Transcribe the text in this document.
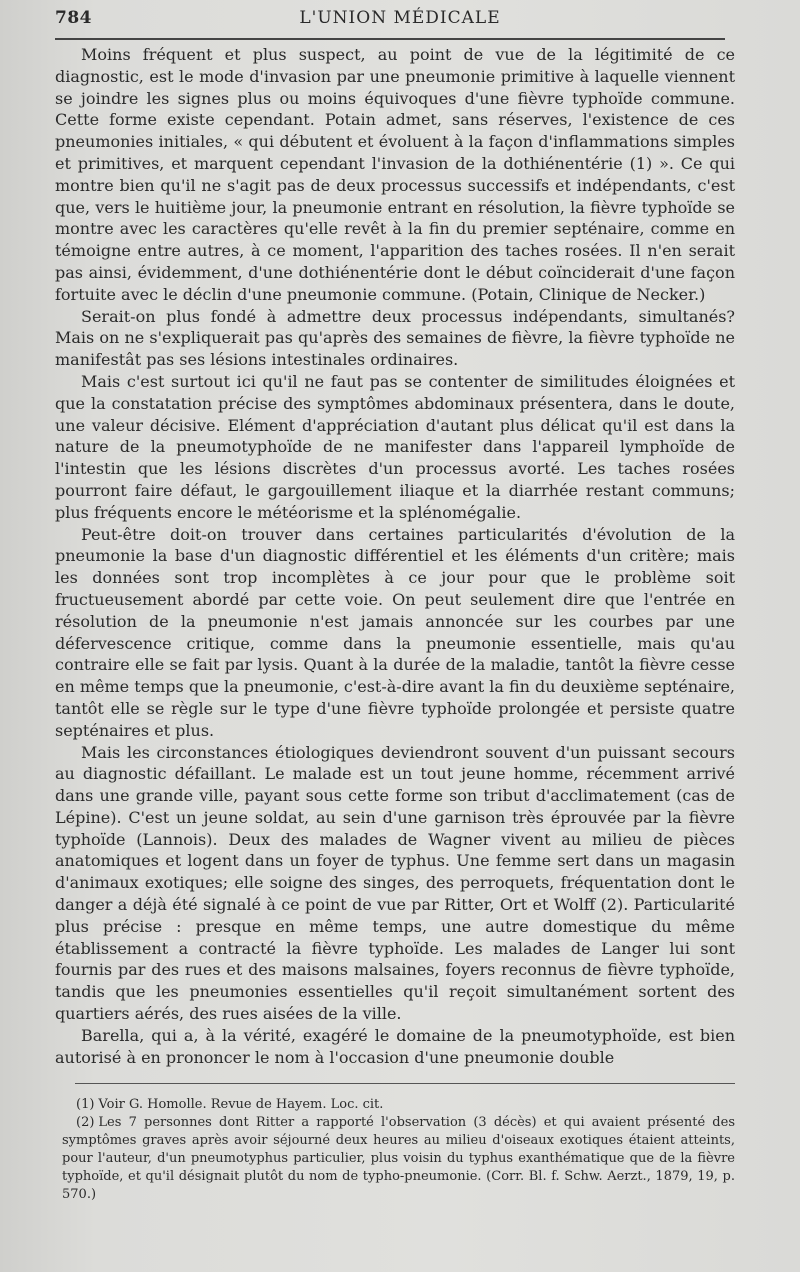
L'UNION MÉDICALE
784

Moins fréquent et plus suspect, au point de vue de la légitimité de ce diagnostic, est le mode d'invasion par une pneumonie primitive à laquelle viennent se joindre les signes plus ou moins équivoques d'une fièvre typhoïde commune. Cette forme existe cependant. Potain admet, sans réserves, l'existence de ces pneumonies initiales, « qui débutent et évoluent à la façon d'inflammations simples et primitives, et marquent cependant l'invasion de la dothiénentérie (1) ». Ce qui montre bien qu'il ne s'agit pas de deux processus successifs et indépendants, c'est que, vers le huitième jour, la pneumonie entrant en résolution, la fièvre typhoïde se montre avec les caractères qu'elle revêt à la fin du premier septénaire, comme en témoigne entre autres, à ce moment, l'apparition des taches rosées. Il n'en serait pas ainsi, évidemment, d'une dothiénentérie dont le début coïnciderait d'une façon fortuite avec le déclin d'une pneumonie commune. (Potain, Clinique de Necker.)

Serait-on plus fondé à admettre deux processus indépendants, simultanés? Mais on ne s'expliquerait pas qu'après des semaines de fièvre, la fièvre typhoïde ne manifestât pas ses lésions intestinales ordinaires.

Mais c'est surtout ici qu'il ne faut pas se contenter de similitudes éloignées et que la constatation précise des symptômes abdominaux présentera, dans le doute, une valeur décisive. Elément d'appréciation d'autant plus délicat qu'il est dans la nature de la pneumotyphoïde de ne manifester dans l'appareil lymphoïde de l'intestin que les lésions discrètes d'un processus avorté. Les taches rosées pourront faire défaut, le gargouillement iliaque et la diarrhée restant communs; plus fréquents encore le météorisme et la splénomégalie.

Peut-être doit-on trouver dans certaines particularités d'évolution de la pneumonie la base d'un diagnostic différentiel et les éléments d'un critère; mais les données sont trop incomplètes à ce jour pour que le problème soit fructueusement abordé par cette voie. On peut seulement dire que l'entrée en résolution de la pneumonie n'est jamais annoncée sur les courbes par une défervescence critique, comme dans la pneumonie essentielle, mais qu'au contraire elle se fait par lysis. Quant à la durée de la maladie, tantôt la fièvre cesse en même temps que la pneumonie, c'est-à-dire avant la fin du deuxième septénaire, tantôt elle se règle sur le type d'une fièvre typhoïde prolongée et persiste quatre septénaires et plus.

Mais les circonstances étiologiques deviendront souvent d'un puissant secours au diagnostic défaillant. Le malade est un tout jeune homme, récemment arrivé dans une grande ville, payant sous cette forme son tribut d'acclimatement (cas de Lépine). C'est un jeune soldat, au sein d'une garnison très éprouvée par la fièvre typhoïde (Lannois). Deux des malades de Wagner vivent au milieu de pièces anatomiques et logent dans un foyer de typhus. Une femme sert dans un magasin d'animaux exotiques; elle soigne des singes, des perroquets, fréquentation dont le danger a déjà été signalé à ce point de vue par Ritter, Ort et Wolff (2). Particularité plus précise : presque en même temps, une autre domestique du même établissement a contracté la fièvre typhoïde. Les malades de Langer lui sont fournis par des rues et des maisons malsaines, foyers reconnus de fièvre typhoïde, tandis que les pneumonies essentielles qu'il reçoit simultanément sortent des quartiers aérés, des rues aisées de la ville.

Barella, qui a, à la vérité, exagéré le domaine de la pneumotyphoïde, est bien autorisé à en prononcer le nom à l'occasion d'une pneumonie double

(1) Voir G. Homolle. Revue de Hayem. Loc. cit.

(2) Les 7 personnes dont Ritter a rapporté l'observation (3 décès) et qui avaient présenté des symptômes graves après avoir séjourné deux heures au milieu d'oiseaux exotiques étaient atteints, pour l'auteur, d'un pneumotyphus particulier, plus voisin du typhus exanthématique que de la fièvre typhoïde, et qu'il désignait plutôt du nom de typho-pneumonie. (Corr. Bl. f. Schw. Aerzt., 1879, 19, p. 570.)
